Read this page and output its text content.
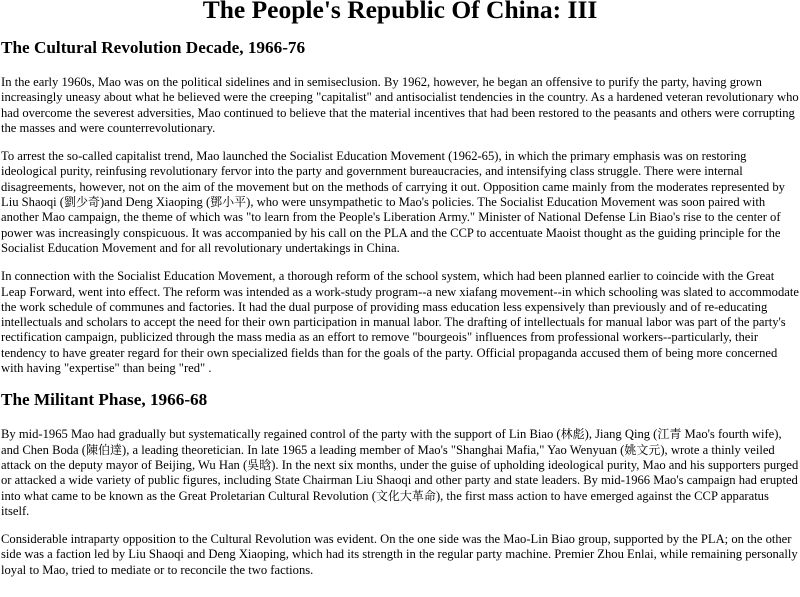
The People's Republic Of China: III
The Cultural Revolution Decade, 1966-76

In the early 1960s, Mao was on the political sidelines and in semiseclusion. By 1962, however, he began an offensive to purify the party, having grown increasingly uneasy about what he believed were the creeping "capitalist" and antisocialist tendencies in the country. As a hardened veteran revolutionary who had overcome the severest adversities, Mao continued to believe that the material incentives that had been restored to the peasants and others were corrupting the masses and were counterrevolutionary.

To arrest the so-called capitalist trend, Mao launched the Socialist Education Movement (1962-65), in which the primary emphasis was on restoring ideological purity, reinfusing revolutionary fervor into the party and government bureaucracies, and intensifying class struggle. There were internal disagreements, however, not on the aim of the movement but on the methods of carrying it out. Opposition came mainly from the moderates represented by Liu Shaoqi (劉少奇)and Deng Xiaoping (鄧小平), who were unsympathetic to Mao's policies. The Socialist Education Movement was soon paired with another Mao campaign, the theme of which was "to learn from the People's Liberation Army." Minister of National Defense Lin Biao's rise to the center of power was increasingly conspicuous. It was accompanied by his call on the PLA and the CCP to accentuate Maoist thought as the guiding principle for the Socialist Education Movement and for all revolutionary undertakings in China.

In connection with the Socialist Education Movement, a thorough reform of the school system, which had been planned earlier to coincide with the Great Leap Forward, went into effect. The reform was intended as a work-study program--a new xiafang movement--in which schooling was slated to accommodate the work schedule of communes and factories. It had the dual purpose of providing mass education less expensively than previously and of re-educating intellectuals and scholars to accept the need for their own participation in manual labor. The drafting of intellectuals for manual labor was part of the party's rectification campaign, publicized through the mass media as an effort to remove "bourgeois" influences from professional workers--particularly, their tendency to have greater regard for their own specialized fields than for the goals of the party. Official propaganda accused them of being more concerned with having "expertise" than being "red" .

The Militant Phase, 1966-68

By mid-1965 Mao had gradually but systematically regained control of the party with the support of Lin Biao (林彪), Jiang Qing (江青 Mao's fourth wife), and Chen Boda (陳伯達), a leading theoretician. In late 1965 a leading member of Mao's "Shanghai Mafia," Yao Wenyuan (姚文元), wrote a thinly veiled attack on the deputy mayor of Beijing, Wu Han (吳晗). In the next six months, under the guise of upholding ideological purity, Mao and his supporters purged or attacked a wide variety of public figures, including State Chairman Liu Shaoqi and other party and state leaders. By mid-1966 Mao's campaign had erupted into what came to be known as the Great Proletarian Cultural Revolution (文化大革命), the first mass action to have emerged against the CCP apparatus itself.

Considerable intraparty opposition to the Cultural Revolution was evident. On the one side was the Mao-Lin Biao group, supported by the PLA; on the other side was a faction led by Liu Shaoqi and Deng Xiaoping, which had its strength in the regular party machine. Premier Zhou Enlai, while remaining personally loyal to Mao, tried to mediate or to reconcile the two factions.
